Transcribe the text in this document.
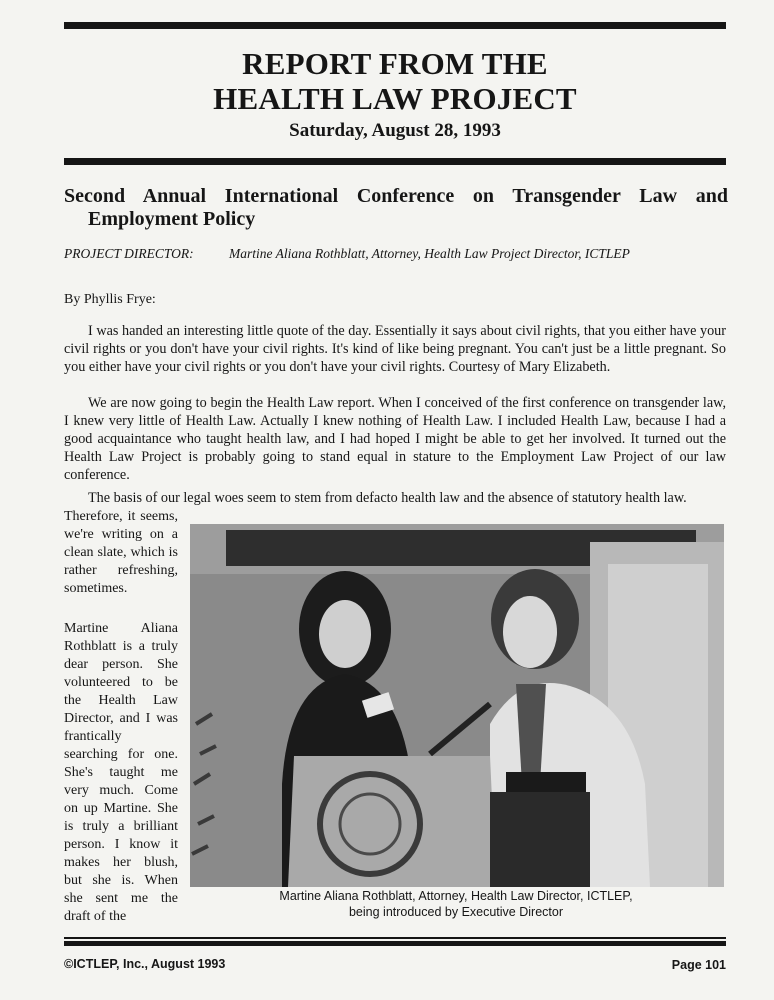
REPORT FROM THE
HEALTH LAW PROJECT
Saturday, August 28, 1993
Second Annual International Conference on Transgender Law and Employment Policy
PROJECT DIRECTOR:	Martine Aliana Rothblatt, Attorney, Health Law Project Director, ICTLEP
By Phyllis Frye:

I was handed an interesting little quote of the day. Essentially it says about civil rights, that you either have your civil rights or you don't have your civil rights. It's kind of like being pregnant. You can't just be a little pregnant. So you either have your civil rights or you don't have your civil rights. Courtesy of Mary Elizabeth.

We are now going to begin the Health Law report. When I conceived of the first conference on transgender law, I knew very little of Health Law. Actually I knew nothing of Health Law. I included Health Law, because I had a good acquaintance who taught health law, and I had hoped I might be able to get her involved. It turned out the Health Law Project is probably going to stand equal in stature to the Employment Law Project of our law conference.

The basis of our legal woes seem to stem from defacto health law and the absence of statutory health law.

Therefore, it seems, we're writing on a clean slate, which is rather refreshing, sometimes.

Martine Aliana Rothblatt is a truly dear person. She volunteered to be the Health Law Director, and I was frantically searching for one. She's taught me very much. Come on up Martine. She is truly a brilliant person. I know it makes her blush, but she is. When she sent me the draft of the

Martine Aliana Rothblatt, Attorney, Health Law Director, ICTLEP,
being introduced by Executive Director
©ICTLEP, Inc., August 1993	Page 101
